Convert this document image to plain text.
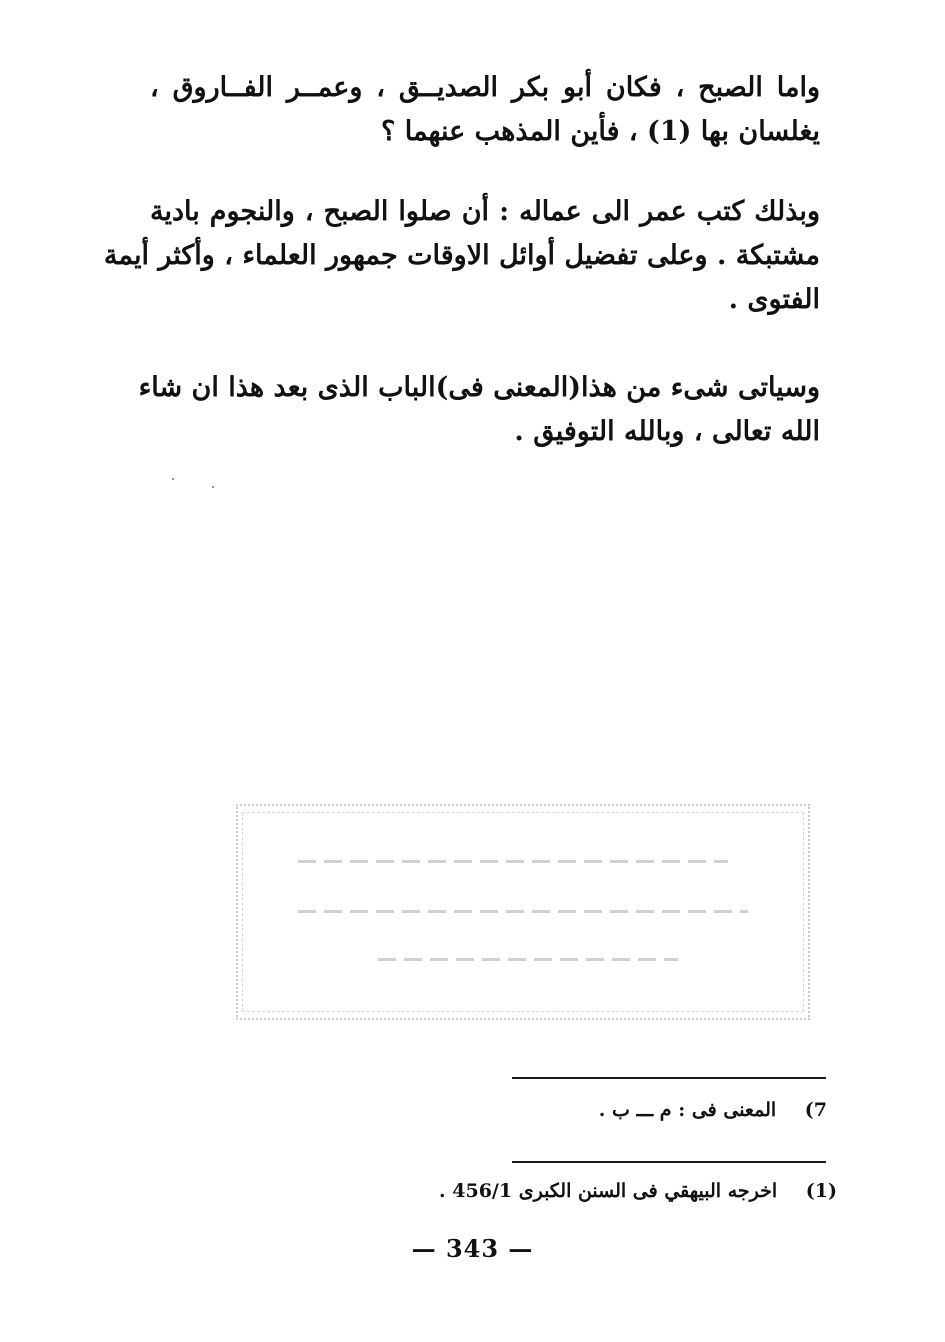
واما الصبح ، فكان أبو بكر الصديــق ، وعمــر الفــاروق ،
يغلسان بها (1) ، فأين المذهب عنهما ؟
وبذلك كتب عمر الى عماله : أن صلوا الصبح ، والنجوم بادية
مشتبكة . وعلى تفضيل أوائل الاوقات جمهور العلماء ، وأكثر أيمة
الفتوى .
وسياتى شىء من هذا(المعنى فى)الباب الذى بعد هذا ان شاء
الله تعالى ، وبالله التوفيق .
7) المعنى فى : م ـــ ب .
(1) اخرجه البيهقي فى السنن الكبرى 456/1 .
— 343 —
